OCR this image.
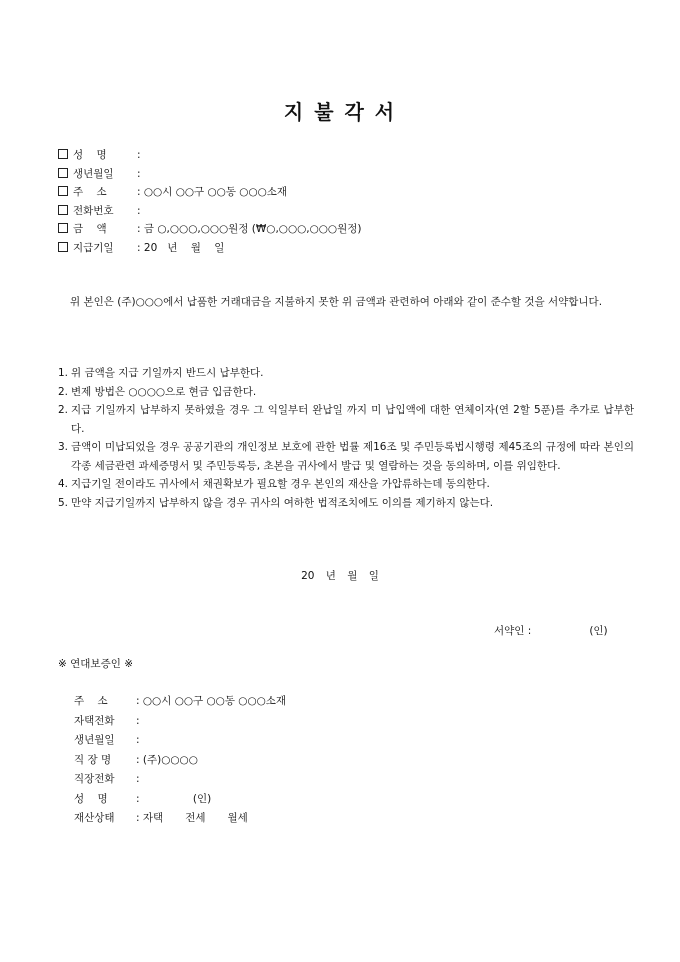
지 불 각 서
성    명	:
생년월일 :
주    소	: ○○시 ○○구 ○○동 ○○○소재
전화번호 :
금    액	: 금 ○,○○○,○○○원정 (₩○,○○○,○○○원정)
지급기일 : 20   년    월    일
위 본인은 (주)○○○에서 납품한 거래대금을 지불하지 못한 위 금액과 관련하여 아래와 같이 준수할 것을 서약합니다.
1. 위 금액을 지급 기일까지 반드시 납부한다.
2. 변제 방법은 ○○○○으로 현금 입금한다.
2. 지급 기일까지 납부하지 못하였을 경우 그 익일부터 완납일 까지 미 납입액에 대한 연체이자(연 2할 5푼)를 추가로 납부한다.
3. 금액이 미납되었을 경우 공공기관의 개인정보 보호에 관한 법률 제16조 및 주민등록법시행령 제45조의 규정에 따라 본인의 각종 세금관련 과세증명서 및 주민등록등, 초본을 귀사에서 발급 및 열람하는 것을 동의하며, 이를 위임한다.
4. 지급기일 전이라도 귀사에서 채권확보가 필요할 경우 본인의 재산을 가압류하는데 동의한다.
5. 만약 지급기일까지 납부하지 않을 경우 귀사의 여하한 법적조치에도 이의를 제기하지 않는다.
20 년 월 일
서약인 :	(인)
※ 연대보증인 ※
주    소	: ○○시 ○○구 ○○동 ○○○소재
자택전화 :
생년월일 :
직 장 명 : (주)○○○○
직장전화 :
성    명	:	(인)
재산상태 : 자택 전세 월세
